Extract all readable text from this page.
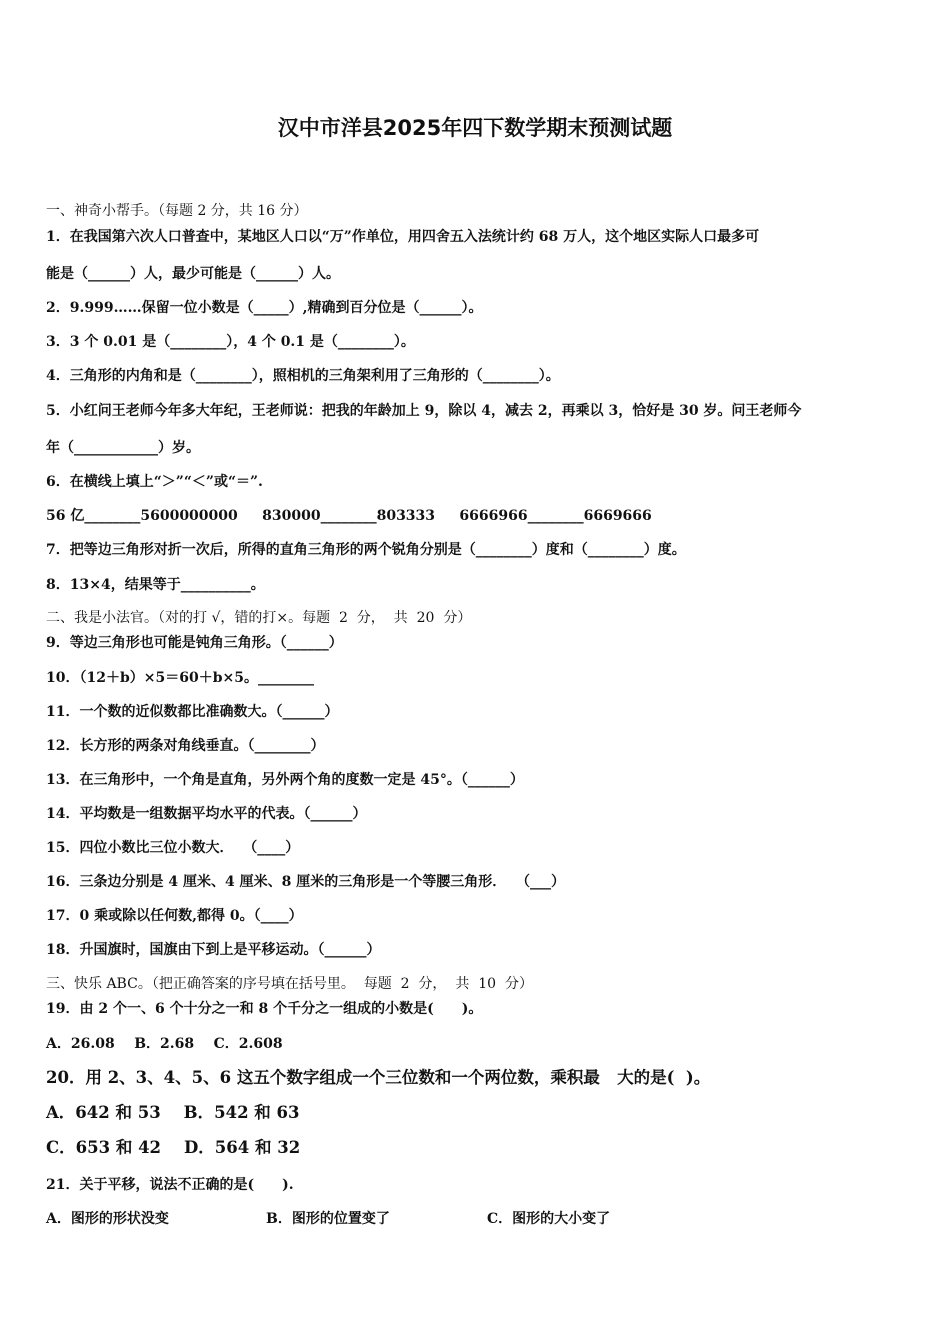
汉中市洋县2025年四下数学期末预测试题
一、神奇小帮手。（每题 2 分，共 16 分）
1．在我国第六次人口普查中，某地区人口以“万”作单位，用四舍五入法统计约 68 万人，这个地区实际人口最多可
能是（______）人，最少可能是（______）人。
2．9.999……保留一位小数是（_____）,精确到百分位是（______）。
3．3 个 0.01 是（________），4 个 0.1 是（________）。
4．三角形的内角和是（________），照相机的三角架利用了三角形的（________）。
5．小红问王老师今年多大年纪，王老师说：把我的年龄加上 9，除以 4，减去 2，再乘以 3，恰好是 30 岁。问王老师今
年（____________）岁。
6．在横线上填上“＞”“＜”或“＝”.
56 亿________5600000000     830000________803333     6666966________6669666
7．把等边三角形对折一次后，所得的直角三角形的两个锐角分别是（________）度和（________）度。
8．13×4，结果等于__________。
二、我是小法官。（对的打 √，错的打×。每题  2  分，  共  20  分）
9．等边三角形也可能是钝角三角形。（______）
10．（12＋b）×5＝60＋b×5。________
11．一个数的近似数都比准确数大。（______）
12．长方形的两条对角线垂直。（________）
13．在三角形中，一个角是直角，另外两个角的度数一定是 45°。（______）
14．平均数是一组数据平均水平的代表。（______）
15．四位小数比三位小数大．  （____）
16．三条边分别是 4 厘米、4 厘米、8 厘米的三角形是一个等腰三角形．  （___）
17．0 乘或除以任何数,都得 0。（____）
18．升国旗时，国旗由下到上是平移运动。（______）
三、快乐 ABC。（把正确答案的序号填在括号里。  每题  2  分，  共  10  分）
19．由 2 个一、6 个十分之一和 8 个千分之一组成的小数是(　　)。
A．26.08    B．2.68    C．2.608
20．用 2、3、4、5、6 这五个数字组成一个三位数和一个两位数，乘积最   大的是(  )。
A．642 和 53    B．542 和 63
C．653 和 42    D．564 和 32
21．关于平移，说法不正确的是(　　).
A．图形的形状没变	B．图形的位置变了	C．图形的大小变了
